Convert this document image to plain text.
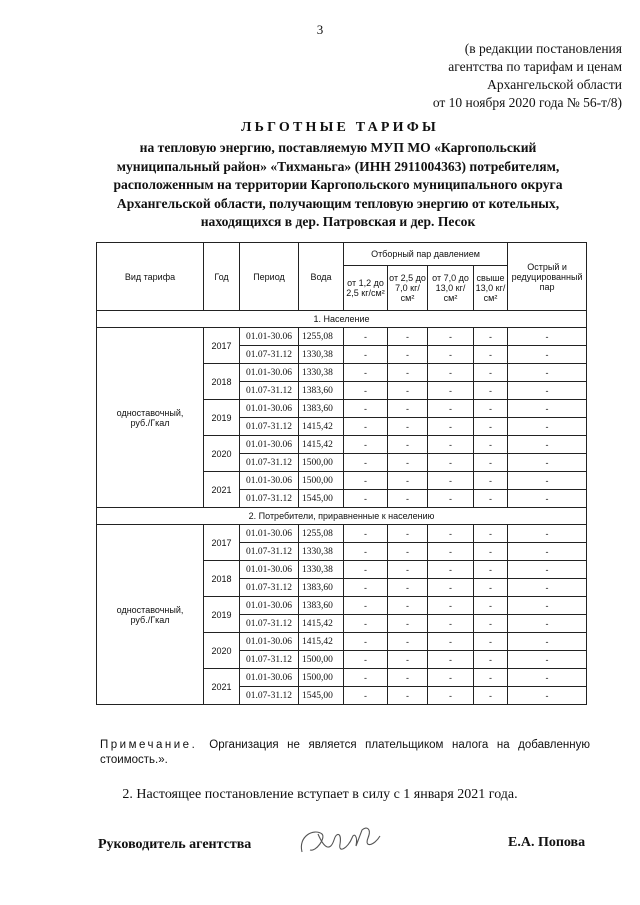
3
(в редакции постановления
агентства по тарифам и ценам
Архангельской области
от 10 ноября 2020 года № 56-т/8)
ЛЬГОТНЫЕ ТАРИФЫ
на тепловую энергию, поставляемую МУП МО «Каргопольский
муниципальный район» «Тихманьга» (ИНН 2911004363) потребителям,
расположенным на территории Каргопольского муниципального округа
Архангельской области, получающим тепловую энергию от котельных,
находящихся в дер. Патровская и дер. Песок
Вид тарифа	Год	Период	Вода	Отборный пар давлением				Острый и редуцированный пар
				от 1,2 до 2,5 кг/см²	от 2,5 до 7,0 кг/см²	от 7,0 до 13,0 кг/см²	свыше 13,0 кг/см²	
1. Население								

одноставочный,
руб./Гкал	2017	01.01-30.06	1255,08	-	-	-	-	-
		01.07-31.12	1330,38	-	-	-	-	-
	2018	01.01-30.06	1330,38	-	-	-	-	-
		01.07-31.12	1383,60	-	-	-	-	-
	2019	01.01-30.06	1383,60	-	-	-	-	-
		01.07-31.12	1415,42	-	-	-	-	-
	2020	01.01-30.06	1415,42	-	-	-	-	-
		01.07-31.12	1500,00	-	-	-	-	-
	2021	01.01-30.06	1500,00	-	-	-	-	-
		01.07-31.12	1545,00	-	-	-	-	-
2. Потребители, приравненные к населению								

одноставочный,
руб./Гкал	2017	01.01-30.06	1255,08	-	-	-	-	-
		01.07-31.12	1330,38	-	-	-	-	-
	2018	01.01-30.06	1330,38	-	-	-	-	-
		01.07-31.12	1383,60	-	-	-	-	-
	2019	01.01-30.06	1383,60	-	-	-	-	-
		01.07-31.12	1415,42	-	-	-	-	-
	2020	01.01-30.06	1415,42	-	-	-	-	-
		01.07-31.12	1500,00	-	-	-	-	-
	2021	01.01-30.06	1500,00	-	-	-	-	-
		01.07-31.12	1545,00	-	-	-	-	-
Примечание. Организация не является плательщиком налога на добавленную стоимость.».
2. Настоящее постановление вступает в силу с 1 января 2021 года.
Руководитель агентства	Е.А. Попова
